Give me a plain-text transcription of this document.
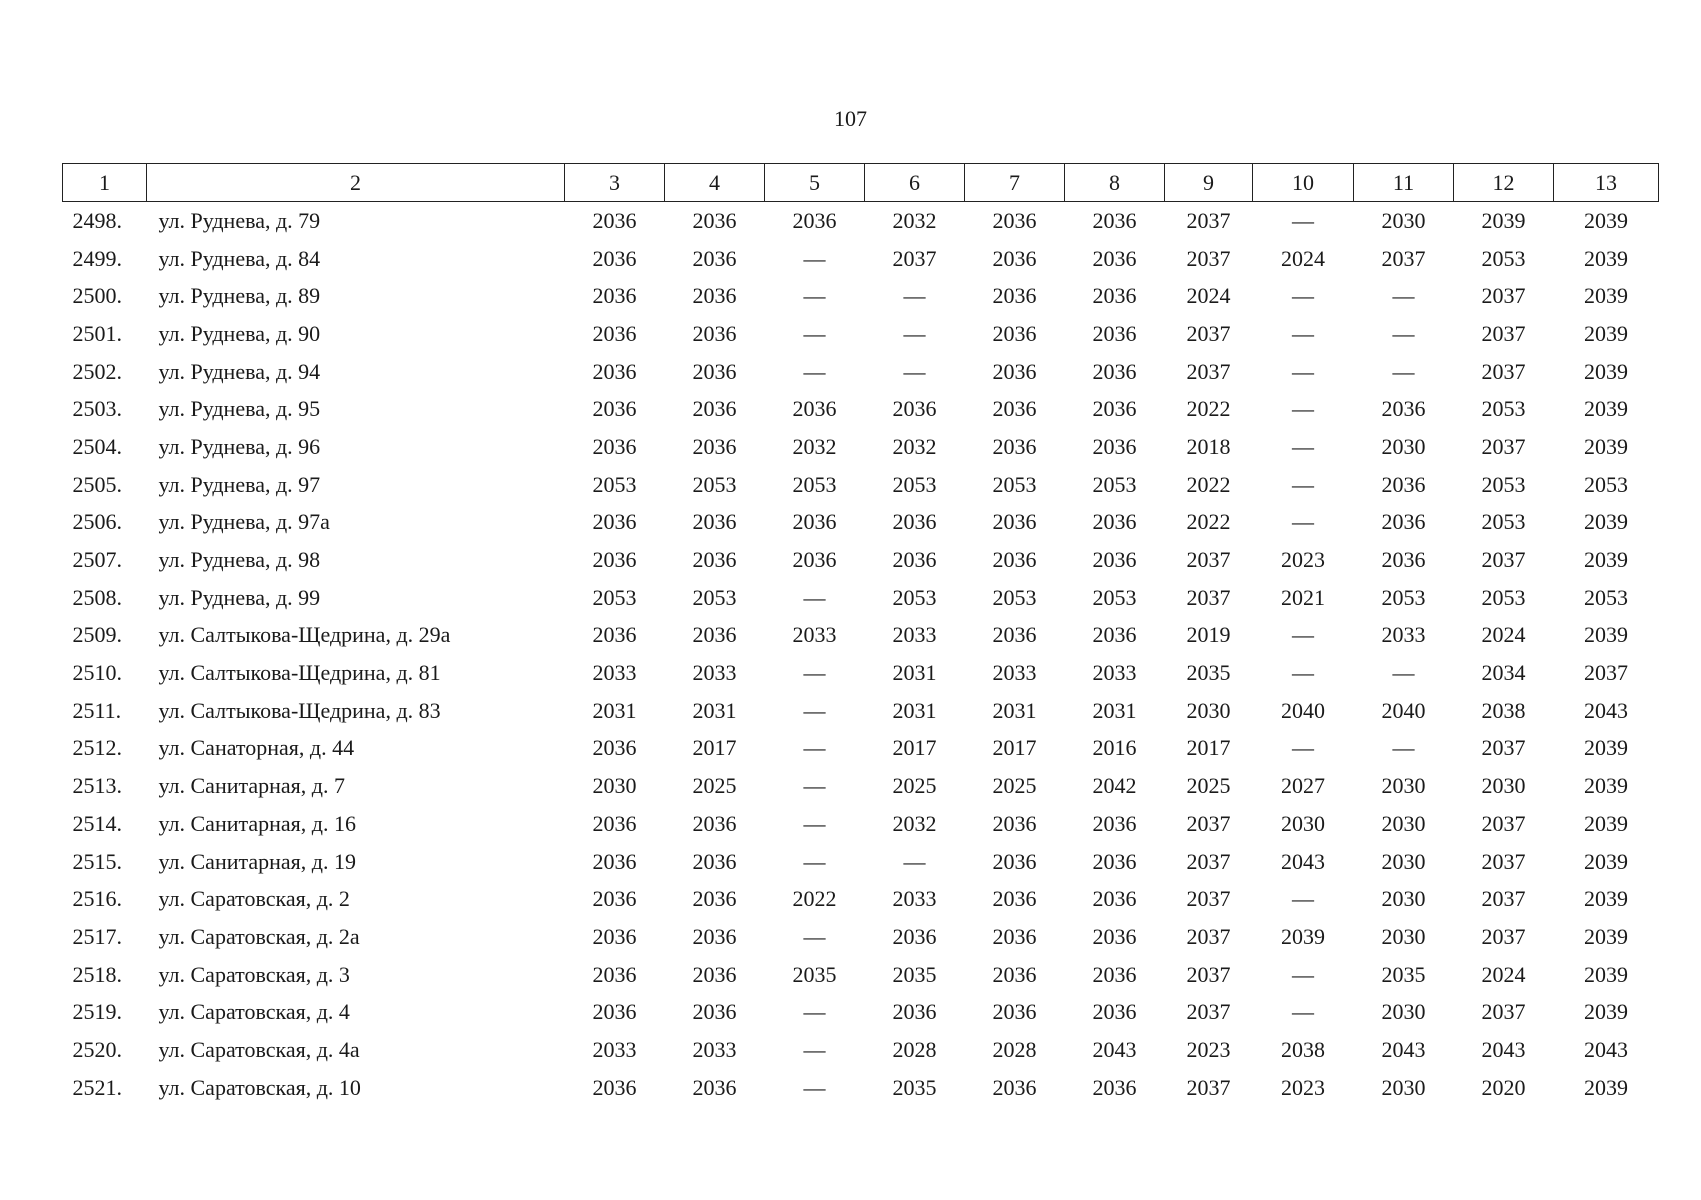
107
1	2	3	4	5	6	7	8	9	10	11	12	13
2498.	ул. Руднева, д. 79	2036	2036	2036	2032	2036	2036	2037	—	2030	2039	2039
2499.	ул. Руднева, д. 84	2036	2036	—	2037	2036	2036	2037	2024	2037	2053	2039
2500.	ул. Руднева, д. 89	2036	2036	—	—	2036	2036	2024	—	—	2037	2039
2501.	ул. Руднева, д. 90	2036	2036	—	—	2036	2036	2037	—	—	2037	2039
2502.	ул. Руднева, д. 94	2036	2036	—	—	2036	2036	2037	—	—	2037	2039
2503.	ул. Руднева, д. 95	2036	2036	2036	2036	2036	2036	2022	—	2036	2053	2039
2504.	ул. Руднева, д. 96	2036	2036	2032	2032	2036	2036	2018	—	2030	2037	2039
2505.	ул. Руднева, д. 97	2053	2053	2053	2053	2053	2053	2022	—	2036	2053	2053
2506.	ул. Руднева, д. 97а	2036	2036	2036	2036	2036	2036	2022	—	2036	2053	2039
2507.	ул. Руднева, д. 98	2036	2036	2036	2036	2036	2036	2037	2023	2036	2037	2039
2508.	ул. Руднева, д. 99	2053	2053	—	2053	2053	2053	2037	2021	2053	2053	2053
2509.	ул. Салтыкова-Щедрина, д. 29а	2036	2036	2033	2033	2036	2036	2019	—	2033	2024	2039
2510.	ул. Салтыкова-Щедрина, д. 81	2033	2033	—	2031	2033	2033	2035	—	—	2034	2037
2511.	ул. Салтыкова-Щедрина, д. 83	2031	2031	—	2031	2031	2031	2030	2040	2040	2038	2043
2512.	ул. Санаторная, д. 44	2036	2017	—	2017	2017	2016	2017	—	—	2037	2039
2513.	ул. Санитарная, д. 7	2030	2025	—	2025	2025	2042	2025	2027	2030	2030	2039
2514.	ул. Санитарная, д. 16	2036	2036	—	2032	2036	2036	2037	2030	2030	2037	2039
2515.	ул. Санитарная, д. 19	2036	2036	—	—	2036	2036	2037	2043	2030	2037	2039
2516.	ул. Саратовская, д. 2	2036	2036	2022	2033	2036	2036	2037	—	2030	2037	2039
2517.	ул. Саратовская, д. 2а	2036	2036	—	2036	2036	2036	2037	2039	2030	2037	2039
2518.	ул. Саратовская, д. 3	2036	2036	2035	2035	2036	2036	2037	—	2035	2024	2039
2519.	ул. Саратовская, д. 4	2036	2036	—	2036	2036	2036	2037	—	2030	2037	2039
2520.	ул. Саратовская, д. 4а	2033	2033	—	2028	2028	2043	2023	2038	2043	2043	2043
2521.	ул. Саратовская, д. 10	2036	2036	—	2035	2036	2036	2037	2023	2030	2020	2039
